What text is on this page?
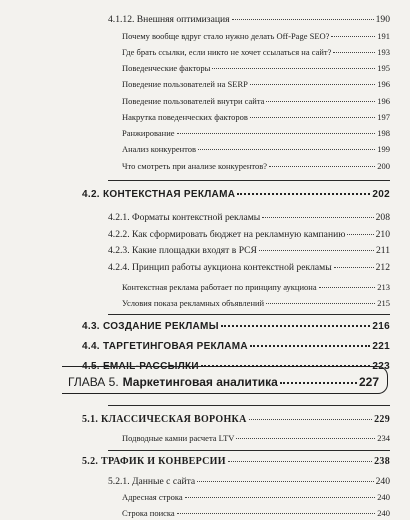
4.1.12. Внешняя оптимизация	190
Почему вообще вдруг стало нужно делать Off-Page SEO?	191
Где брать ссылки, если никто не хочет ссылаться на сайт?	193
Поведенческие факторы	195
Поведение пользователей на SERP	196
Поведение пользователей внутри сайта	196
Накрутка поведенческих факторов	197
Ранжирование	198
Анализ конкурентов	199
Что смотреть при анализе конкурентов?	200
4.2. КОНТЕКСТНАЯ РЕКЛАМА	202
4.2.1. Форматы контекстной рекламы	208
4.2.2. Как сформировать бюджет на рекламную кампанию	210
4.2.3. Какие площадки входят в РСЯ	211
4.2.4. Принцип работы аукциона контекстной рекламы	212
Контекстная реклама работает по принципу аукциона	213
Условия показа рекламных объявлений	215
4.3. СОЗДАНИЕ РЕКЛАМЫ	216
4.4. ТАРГЕТИНГОВАЯ РЕКЛАМА	221
4.5. EMAIL-РАССЫЛКИ	223
ГЛАВА 5. Маркетинговая аналитика	227
5.1. КЛАССИЧЕСКАЯ ВОРОНКА	229
Подводные камни расчета LTV	234
5.2. ТРАФИК И КОНВЕРСИИ	238
5.2.1. Данные с сайта	240
Адресная строка	240
Строка поиска	240
